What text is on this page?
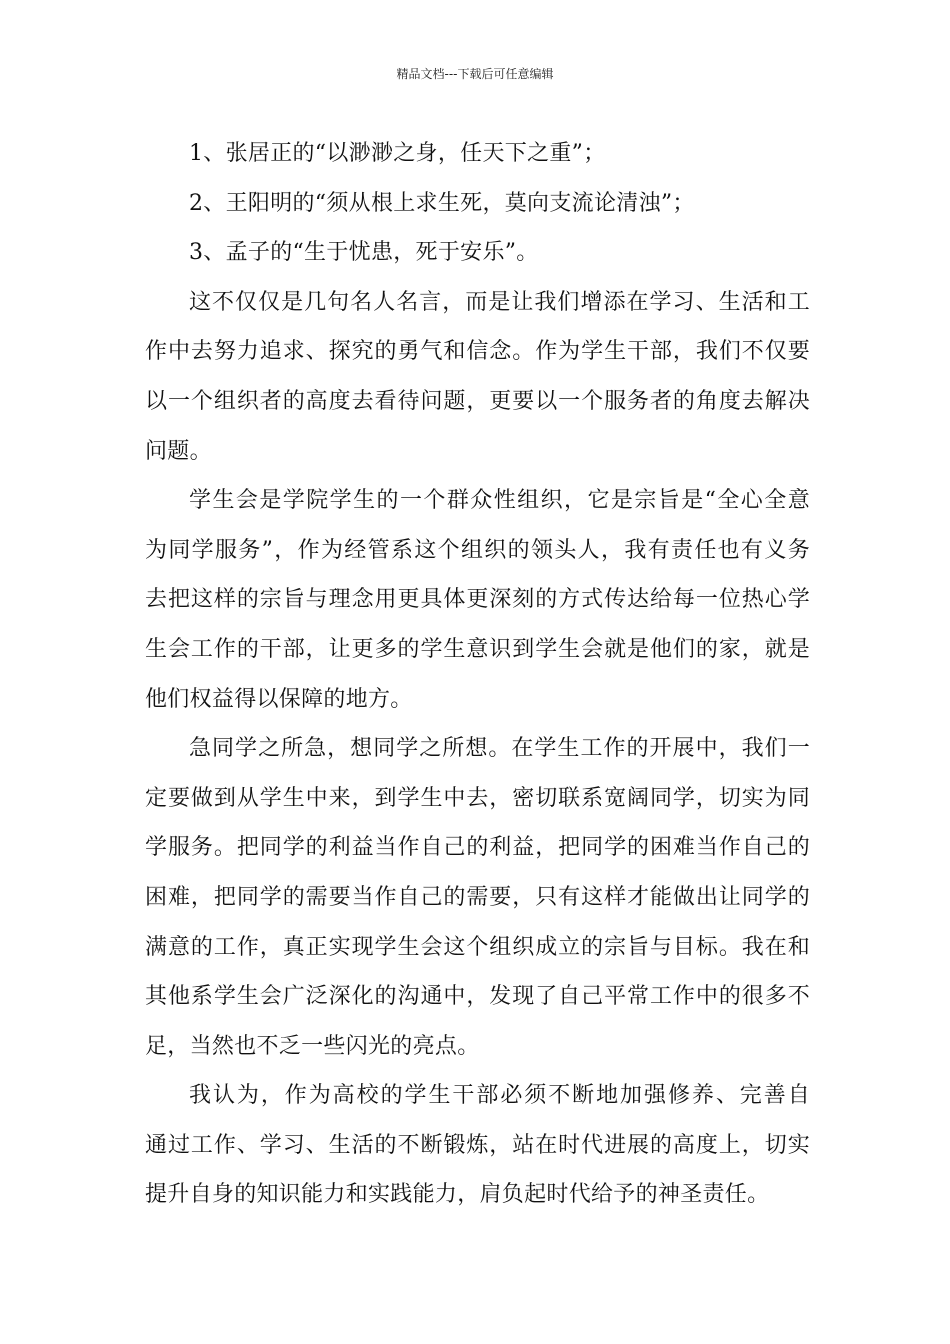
精品文档---下载后可任意编辑
1、张居正的“以渺渺之身，任天下之重”；
2、王阳明的“须从根上求生死，莫向支流论清浊”；
3、孟子的“生于忧患，死于安乐”。
这不仅仅是几句名人名言，而是让我们增添在学习、生活和工
作中去努力追求、探究的勇气和信念。作为学生干部，我们不仅要
以一个组织者的高度去看待问题，更要以一个服务者的角度去解决
问题。
学生会是学院学生的一个群众性组织，它是宗旨是“全心全意
为同学服务”，作为经管系这个组织的领头人，我有责任也有义务
去把这样的宗旨与理念用更具体更深刻的方式传达给每一位热心学
生会工作的干部，让更多的学生意识到学生会就是他们的家，就是
他们权益得以保障的地方。
急同学之所急，想同学之所想。在学生工作的开展中，我们一
定要做到从学生中来，到学生中去，密切联系宽阔同学，切实为同
学服务。把同学的利益当作自己的利益，把同学的困难当作自己的
困难，把同学的需要当作自己的需要，只有这样才能做出让同学的
满意的工作，真正实现学生会这个组织成立的宗旨与目标。我在和
其他系学生会广泛深化的沟通中，发现了自己平常工作中的很多不
足，当然也不乏一些闪光的亮点。
我认为，作为高校的学生干部必须不断地加强修养、完善自
通过工作、学习、生活的不断锻炼，站在时代进展的高度上，切实
提升自身的知识能力和实践能力，肩负起时代给予的神圣责任。
